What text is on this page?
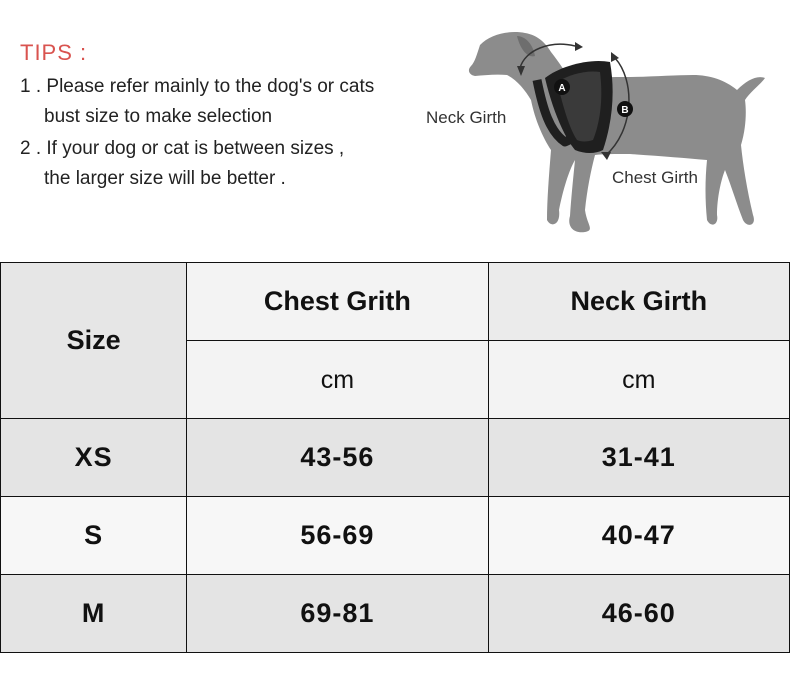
TIPS :
1 . Please refer mainly to the dog's or cats
bust size to make selection
2 . If your dog or cat is between sizes ,
the larger size will be better .
A
B
Neck Girth
Chest Girth
Size	Chest Grith	Neck Girth
	cm	cm
XS	43-56	31-41
S	56-69	40-47
M	69-81	46-60
